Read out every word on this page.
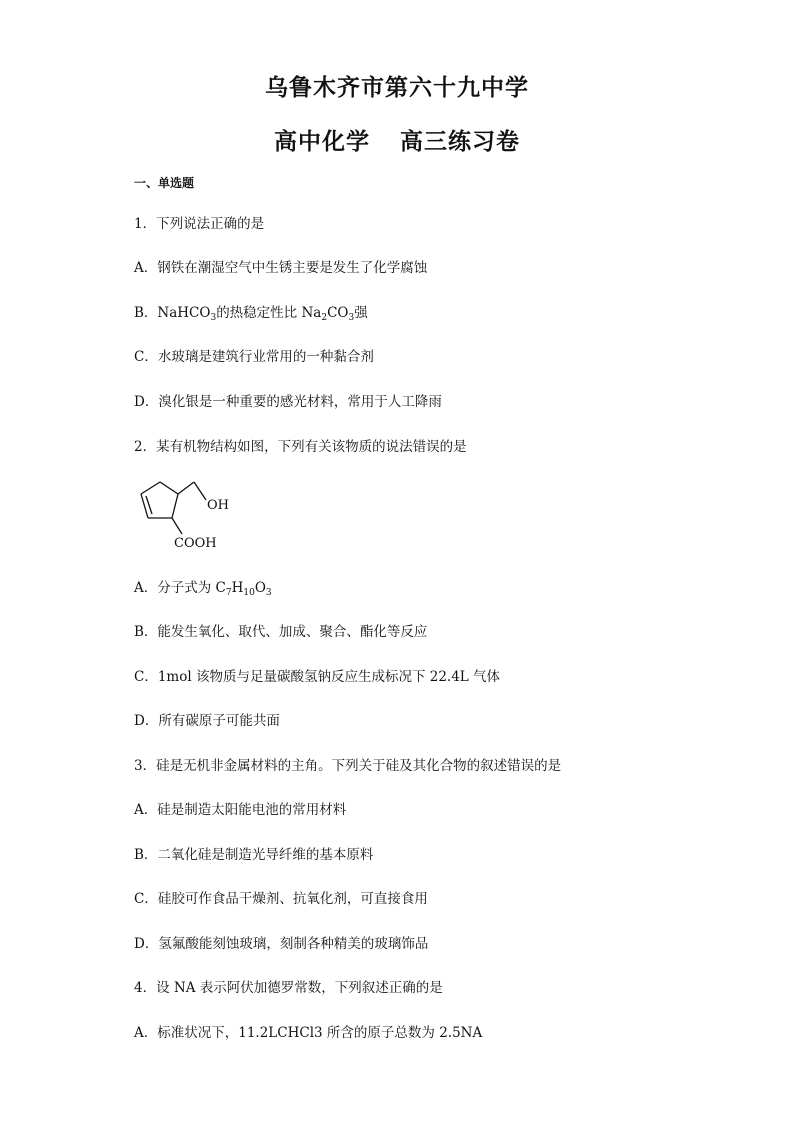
乌鲁木齐市第六十九中学
高中化学 高三练习卷
一、单选题
1．下列说法正确的是
A．钢铁在潮湿空气中生锈主要是发生了化学腐蚀
B．NaHCO$_3$的热稳定性比 $Na_2CO_3$强
C．水玻璃是建筑行业常用的一种黏合剂
D．溴化银是一种重要的感光材料，常用于人工降雨
2．某有机物结构如图，下列有关该物质的说法错误的是
OH
COOH
A．分子式为 $C_7H_{10}O_3$
B．能发生氧化、取代、加成、聚合、酯化等反应
C．1mol 该物质与足量碳酸氢钠反应生成标况下 22.4L 气体
D．所有碳原子可能共面
3．硅是无机非金属材料的主角。下列关于硅及其化合物的叙述错误的是
A．硅是制造太阳能电池的常用材料
B．二氧化硅是制造光导纤维的基本原料
C．硅胶可作食品干燥剂、抗氧化剂，可直接食用
D．氢氟酸能刻蚀玻璃，刻制各种精美的玻璃饰品
4．设 NA 表示阿伏加德罗常数，下列叙述正确的是
A．标准状况下，11.2LCHCl3 所含的原子总数为 2.5NA
